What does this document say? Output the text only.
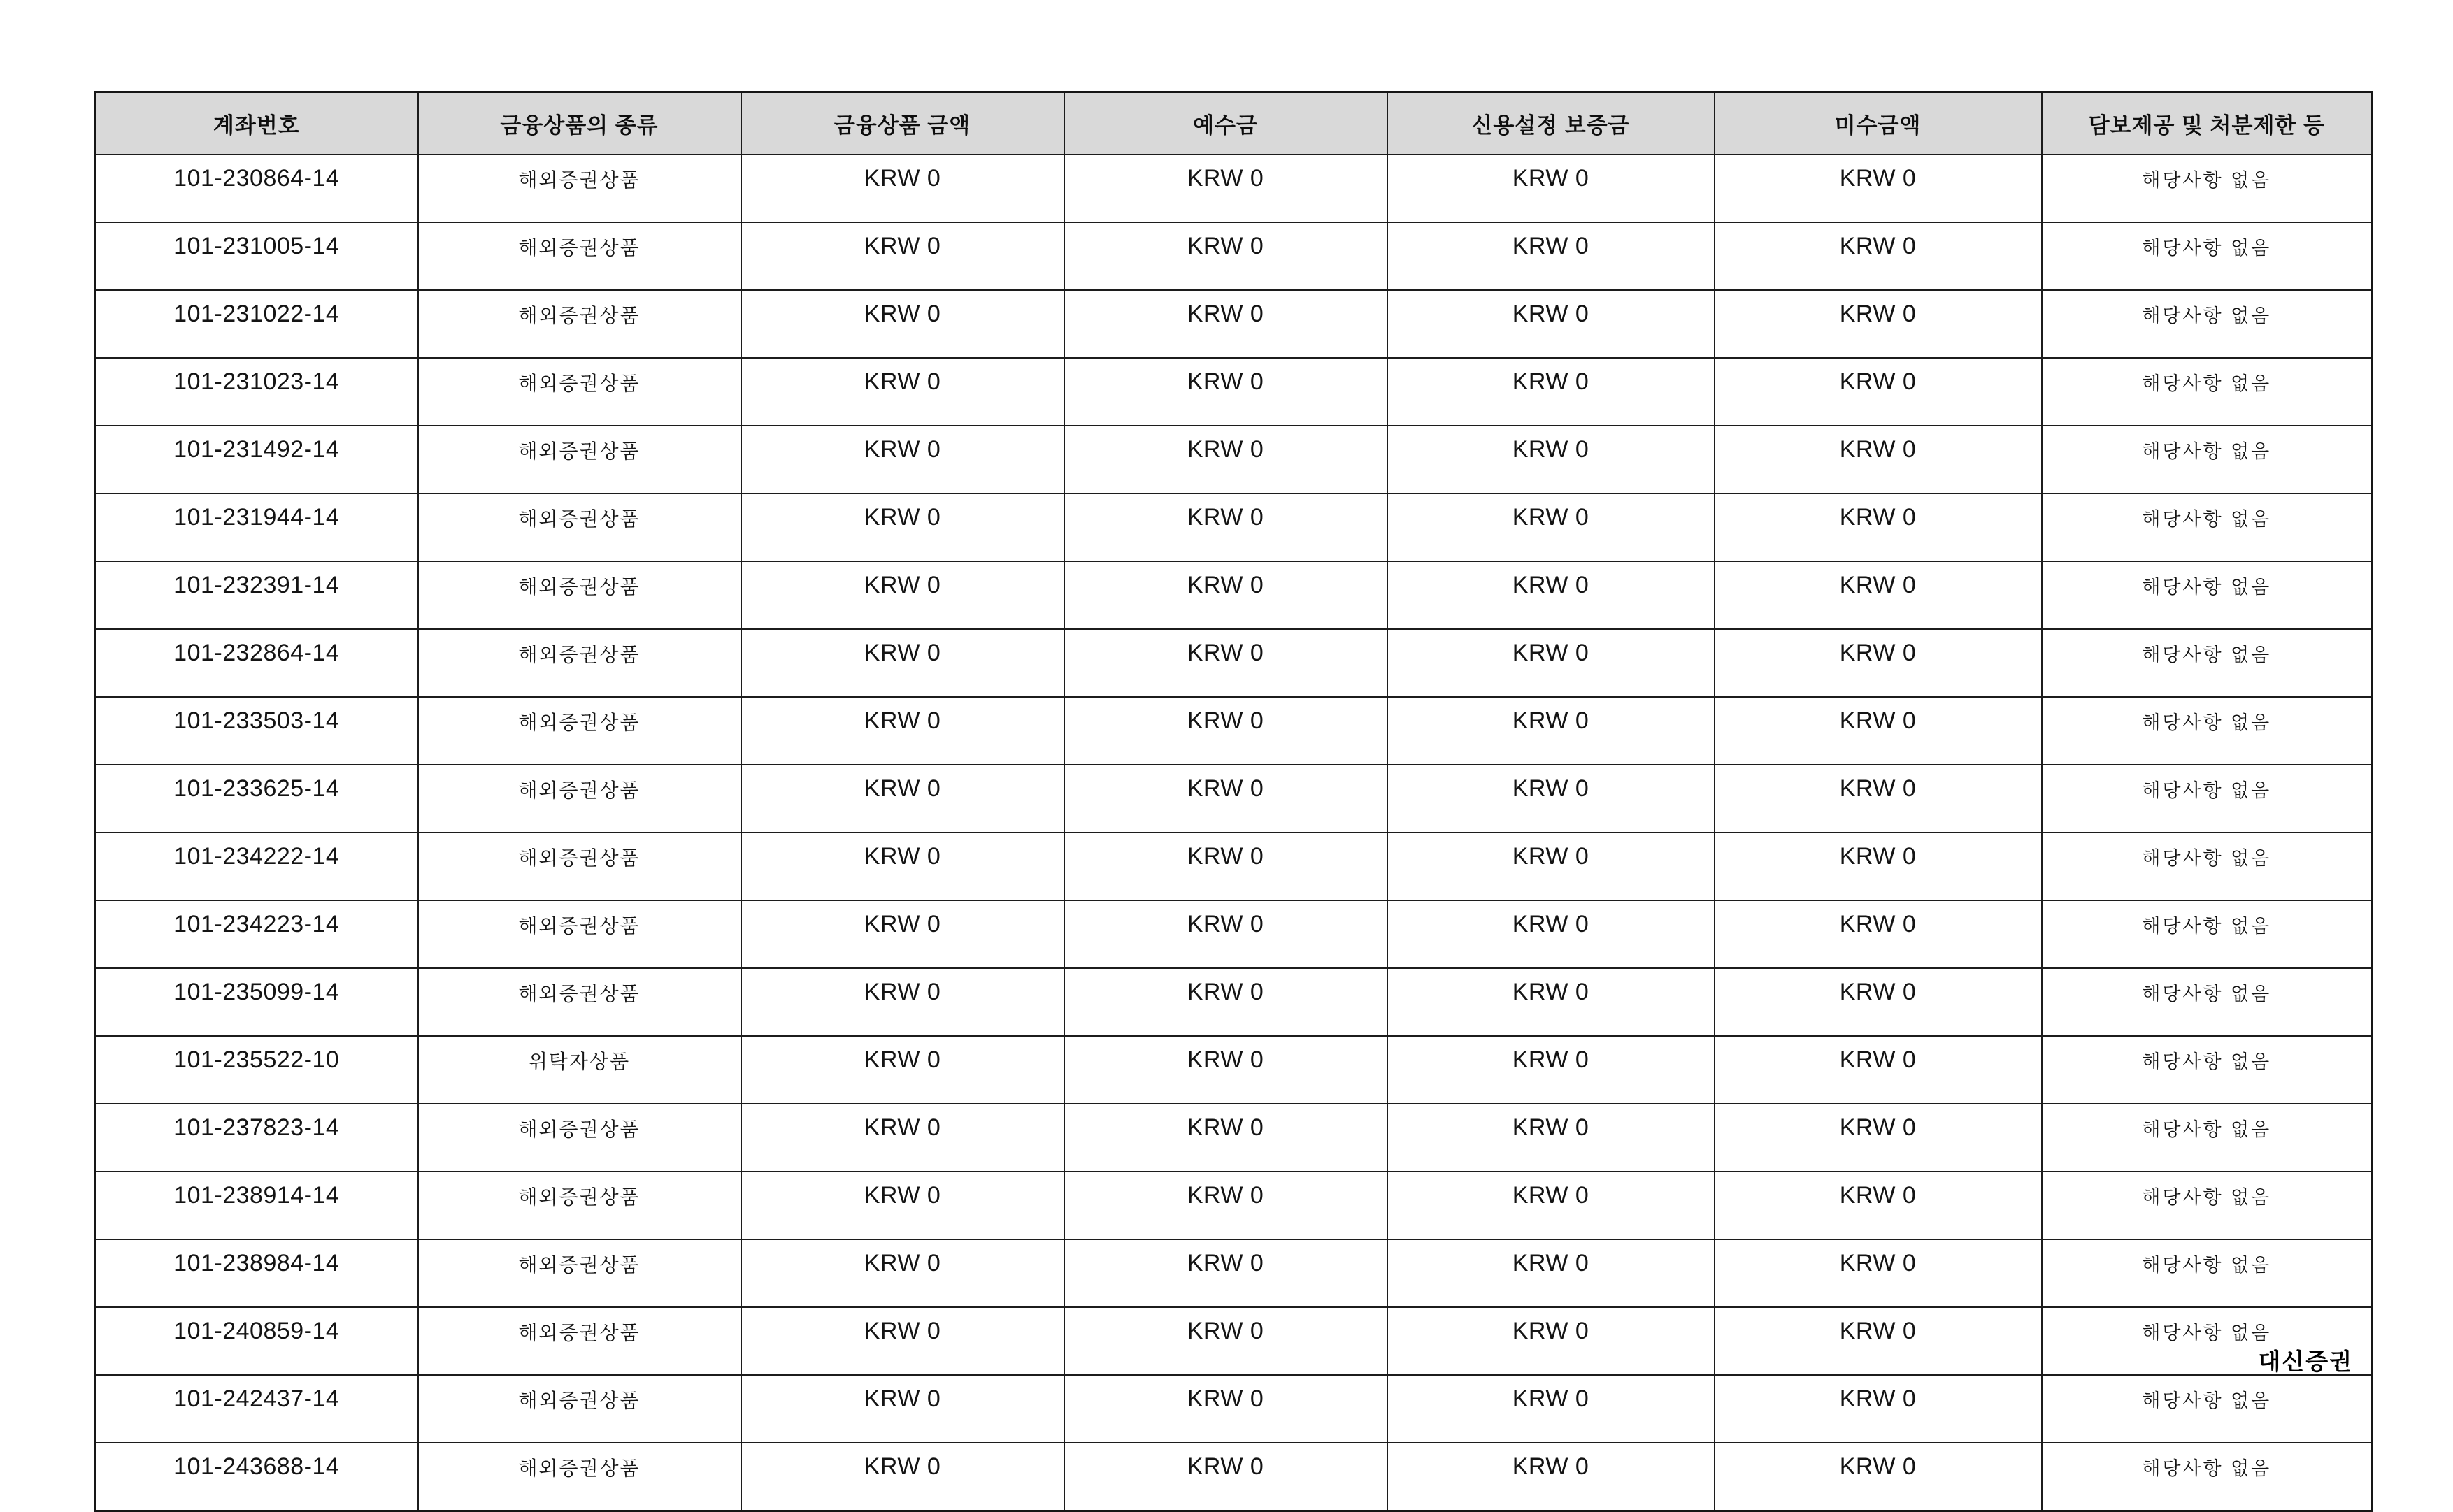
계좌번호	금융상품의 종류	금융상품 금액	예수금	신용설정 보증금	미수금액	담보제공 및 처분제한 등
101-230864-14	해외증권상품	KRW 0	KRW 0	KRW 0	KRW 0	해당사항 없음
101-231005-14	해외증권상품	KRW 0	KRW 0	KRW 0	KRW 0	해당사항 없음
101-231022-14	해외증권상품	KRW 0	KRW 0	KRW 0	KRW 0	해당사항 없음
101-231023-14	해외증권상품	KRW 0	KRW 0	KRW 0	KRW 0	해당사항 없음
101-231492-14	해외증권상품	KRW 0	KRW 0	KRW 0	KRW 0	해당사항 없음
101-231944-14	해외증권상품	KRW 0	KRW 0	KRW 0	KRW 0	해당사항 없음
101-232391-14	해외증권상품	KRW 0	KRW 0	KRW 0	KRW 0	해당사항 없음
101-232864-14	해외증권상품	KRW 0	KRW 0	KRW 0	KRW 0	해당사항 없음
101-233503-14	해외증권상품	KRW 0	KRW 0	KRW 0	KRW 0	해당사항 없음
101-233625-14	해외증권상품	KRW 0	KRW 0	KRW 0	KRW 0	해당사항 없음
101-234222-14	해외증권상품	KRW 0	KRW 0	KRW 0	KRW 0	해당사항 없음
101-234223-14	해외증권상품	KRW 0	KRW 0	KRW 0	KRW 0	해당사항 없음
101-235099-14	해외증권상품	KRW 0	KRW 0	KRW 0	KRW 0	해당사항 없음
101-235522-10	위탁자상품	KRW 0	KRW 0	KRW 0	KRW 0	해당사항 없음
101-237823-14	해외증권상품	KRW 0	KRW 0	KRW 0	KRW 0	해당사항 없음
101-238914-14	해외증권상품	KRW 0	KRW 0	KRW 0	KRW 0	해당사항 없음
101-238984-14	해외증권상품	KRW 0	KRW 0	KRW 0	KRW 0	해당사항 없음
101-240859-14	해외증권상품	KRW 0	KRW 0	KRW 0	KRW 0	해당사항 없음
101-242437-14	해외증권상품	KRW 0	KRW 0	KRW 0	KRW 0	해당사항 없음
101-243688-14	해외증권상품	KRW 0	KRW 0	KRW 0	KRW 0	해당사항 없음
대신증권
